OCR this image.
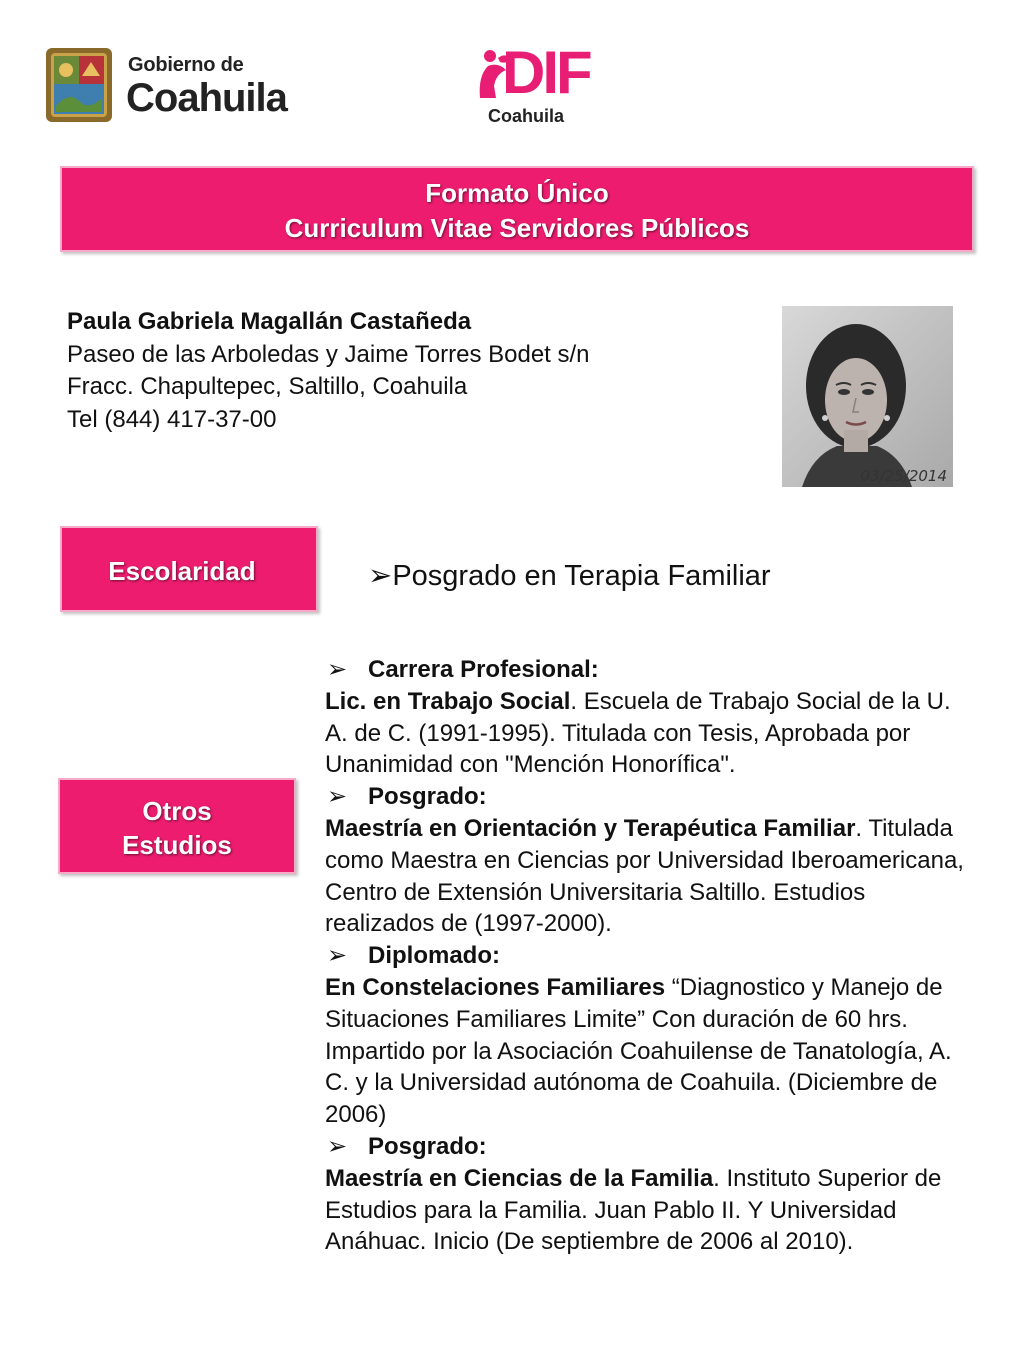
Gobierno de
Coahuila	DIF
Coahuila
Formato Único
Curriculum Vitae Servidores Públicos
Paula Gabriela Magallán Castañeda
Paseo de las Arboledas y Jaime Torres Bodet s/n
Fracc. Chapultepec, Saltillo, Coahuila
Tel (844) 417-37-00
03/25/2014
Escolaridad	➢Posgrado en Terapia Familiar
Otros
Estudios
➢ Carrera Profesional:
Lic. en Trabajo Social. Escuela de Trabajo Social de la U. A. de C. (1991-1995). Titulada con Tesis, Aprobada por Unanimidad con "Mención Honorífica".
➢ Posgrado:
Maestría en Orientación y Terapéutica Familiar. Titulada como Maestra en Ciencias por Universidad Iberoamericana, Centro de Extensión Universitaria Saltillo. Estudios realizados de (1997-2000).
➢ Diplomado:
En Constelaciones Familiares “Diagnostico y Manejo de Situaciones Familiares Limite” Con duración de 60 hrs. Impartido por la Asociación Coahuilense de Tanatología, A. C. y la Universidad autónoma de Coahuila. (Diciembre de 2006)
➢ Posgrado:
Maestría en Ciencias de la Familia. Instituto Superior de Estudios para la Familia. Juan Pablo II. Y Universidad Anáhuac. Inicio (De septiembre de 2006 al 2010).
